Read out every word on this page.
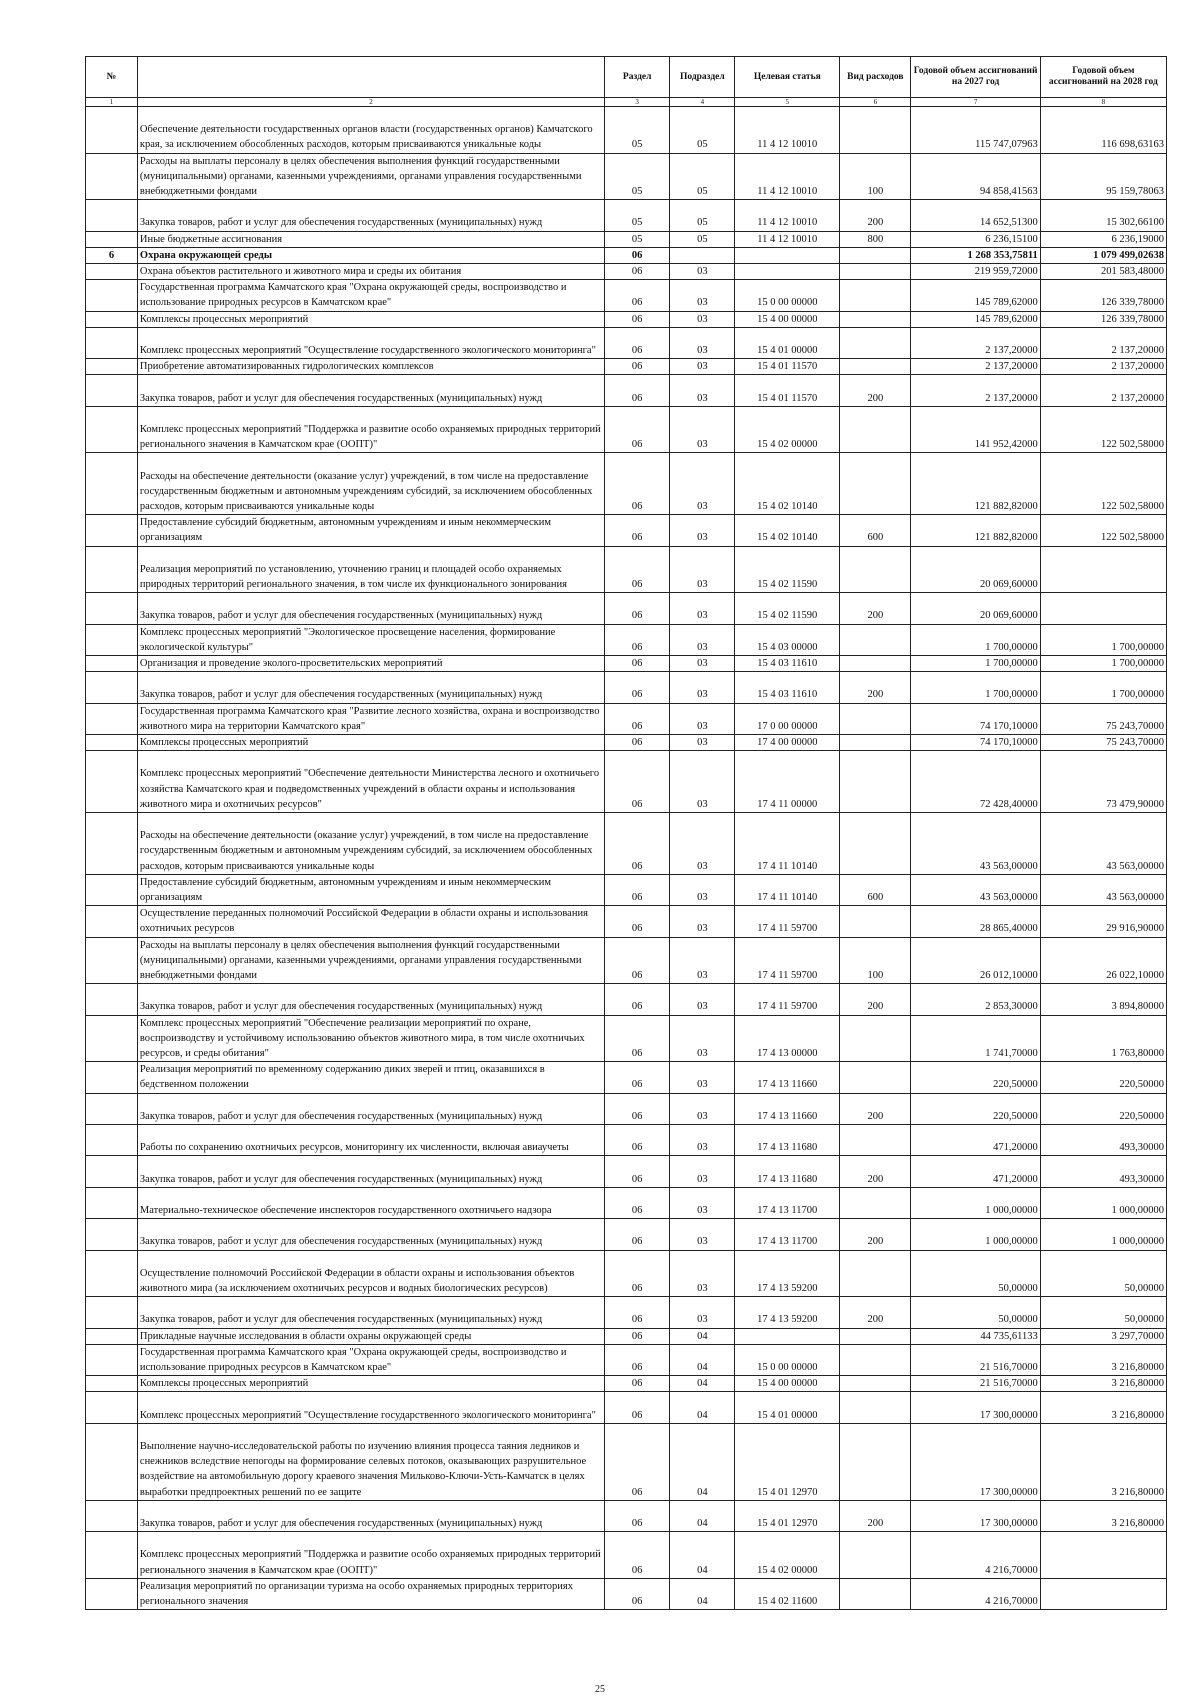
№		Раздел	Подраздел	Целевая статья	Вид расходов	Годовой объем ассигнований на 2027 год	Годовой объем ассигнований на 2028 год
1	2	3	4	5	6	7	8
	Обеспечение деятельности государственных органов власти (государственных органов) Камчатского края, за исключением обособленных расходов, которым присваиваются уникальные коды	05	05	11 4 12 10010		115 747,07963	116 698,63163
	Расходы на выплаты персоналу в целях обеспечения выполнения функций государственными (муниципальными) органами, казенными учреждениями, органами управления государственными внебюджетными фондами	05	05	11 4 12 10010	100	94 858,41563	95 159,78063
	Закупка товаров, работ и услуг для обеспечения государственных (муниципальных) нужд	05	05	11 4 12 10010	200	14 652,51300	15 302,66100
	Иные бюджетные ассигнования	05	05	11 4 12 10010	800	6 236,15100	6 236,19000
6	Охрана окружающей среды	06				1 268 353,75811	1 079 499,02638
	Охрана объектов растительного и животного мира и среды их обитания	06	03			219 959,72000	201 583,48000
	Государственная программа Камчатского края "Охрана окружающей среды, воспроизводство и использование природных ресурсов в Камчатском крае"	06	03	15 0 00 00000		145 789,62000	126 339,78000
	Комплексы процессных мероприятий	06	03	15 4 00 00000		145 789,62000	126 339,78000
	Комплекс процессных мероприятий "Осуществление государственного экологического мониторинга"	06	03	15 4 01 00000		2 137,20000	2 137,20000
	Приобретение автоматизированных гидрологических комплексов	06	03	15 4 01 11570		2 137,20000	2 137,20000
	Закупка товаров, работ и услуг для обеспечения государственных (муниципальных) нужд	06	03	15 4 01 11570	200	2 137,20000	2 137,20000
	Комплекс процессных мероприятий "Поддержка и развитие особо охраняемых природных территорий регионального значения в Камчатском крае (ООПТ)"	06	03	15 4 02 00000		141 952,42000	122 502,58000
	Расходы на обеспечение деятельности (оказание услуг) учреждений, в том числе на предоставление государственным бюджетным и автономным учреждениям субсидий, за исключением обособленных расходов, которым присваиваются уникальные коды	06	03	15 4 02 10140		121 882,82000	122 502,58000
	Предоставление субсидий бюджетным, автономным учреждениям и иным некоммерческим организациям	06	03	15 4 02 10140	600	121 882,82000	122 502,58000
	Реализация мероприятий по установлению, уточнению границ и площадей особо охраняемых природных территорий регионального значения, в том числе их функционального зонирования	06	03	15 4 02 11590		20 069,60000	
	Закупка товаров, работ и услуг для обеспечения государственных (муниципальных) нужд	06	03	15 4 02 11590	200	20 069,60000	
	Комплекс процессных мероприятий "Экологическое просвещение населения, формирование экологической культуры"	06	03	15 4 03 00000		1 700,00000	1 700,00000
	Организация и проведение эколого-просветительских мероприятий	06	03	15 4 03 11610		1 700,00000	1 700,00000
	Закупка товаров, работ и услуг для обеспечения государственных (муниципальных) нужд	06	03	15 4 03 11610	200	1 700,00000	1 700,00000
	Государственная программа Камчатского края "Развитие лесного хозяйства, охрана и воспроизводство животного мира на территории Камчатского края"	06	03	17 0 00 00000		74 170,10000	75 243,70000
	Комплексы процессных мероприятий	06	03	17 4 00 00000		74 170,10000	75 243,70000
	Комплекс процессных мероприятий "Обеспечение деятельности Министерства лесного и охотничьего хозяйства Камчатского края и подведомственных учреждений в области охраны и использования животного мира и охотничьих ресурсов"	06	03	17 4 11 00000		72 428,40000	73 479,90000
	Расходы на обеспечение деятельности (оказание услуг) учреждений, в том числе на предоставление государственным бюджетным и автономным учреждениям субсидий, за исключением обособленных расходов, которым присваиваются уникальные коды	06	03	17 4 11 10140		43 563,00000	43 563,00000
	Предоставление субсидий бюджетным, автономным учреждениям и иным некоммерческим организациям	06	03	17 4 11 10140	600	43 563,00000	43 563,00000
	Осуществление переданных полномочий Российской Федерации в области охраны и использования охотничьих ресурсов	06	03	17 4 11 59700		28 865,40000	29 916,90000
	Расходы на выплаты персоналу в целях обеспечения выполнения функций государственными (муниципальными) органами, казенными учреждениями, органами управления государственными внебюджетными фондами	06	03	17 4 11 59700	100	26 012,10000	26 022,10000
	Закупка товаров, работ и услуг для обеспечения государственных (муниципальных) нужд	06	03	17 4 11 59700	200	2 853,30000	3 894,80000
	Комплекс процессных мероприятий "Обеспечение реализации мероприятий по охране, воспроизводству и устойчивому использованию объектов животного мира, в том числе охотничьих ресурсов, и среды обитания"	06	03	17 4 13 00000		1 741,70000	1 763,80000
	Реализация мероприятий по временному содержанию диких зверей и птиц, оказавшихся в бедственном положении	06	03	17 4 13 11660		220,50000	220,50000
	Закупка товаров, работ и услуг для обеспечения государственных (муниципальных) нужд	06	03	17 4 13 11660	200	220,50000	220,50000
	Работы по сохранению охотничьих ресурсов, мониторингу их численности, включая авиаучеты	06	03	17 4 13 11680		471,20000	493,30000
	Закупка товаров, работ и услуг для обеспечения государственных (муниципальных) нужд	06	03	17 4 13 11680	200	471,20000	493,30000
	Материально-техническое обеспечение инспекторов государственного охотничьего надзора	06	03	17 4 13 11700		1 000,00000	1 000,00000
	Закупка товаров, работ и услуг для обеспечения государственных (муниципальных) нужд	06	03	17 4 13 11700	200	1 000,00000	1 000,00000
	Осуществление полномочий Российской Федерации в области охраны и использования объектов животного мира (за исключением охотничьих ресурсов и водных биологических ресурсов)	06	03	17 4 13 59200		50,00000	50,00000
	Закупка товаров, работ и услуг для обеспечения государственных (муниципальных) нужд	06	03	17 4 13 59200	200	50,00000	50,00000
	Прикладные научные исследования в области охраны окружающей среды	06	04			44 735,61133	3 297,70000
	Государственная программа Камчатского края "Охрана окружающей среды, воспроизводство и использование природных ресурсов в Камчатском крае"	06	04	15 0 00 00000		21 516,70000	3 216,80000
	Комплексы процессных мероприятий	06	04	15 4 00 00000		21 516,70000	3 216,80000
	Комплекс процессных мероприятий "Осуществление государственного экологического мониторинга"	06	04	15 4 01 00000		17 300,00000	3 216,80000
	Выполнение научно-исследовательской работы по изучению влияния процесса таяния ледников и снежников вследствие непогоды на формирование селевых потоков, оказывающих разрушительное воздействие на автомобильную дорогу краевого значения Мильково-Ключи-Усть-Камчатск в целях выработки предпроектных решений по ее защите	06	04	15 4 01 12970		17 300,00000	3 216,80000
	Закупка товаров, работ и услуг для обеспечения государственных (муниципальных) нужд	06	04	15 4 01 12970	200	17 300,00000	3 216,80000
	Комплекс процессных мероприятий "Поддержка и развитие особо охраняемых природных территорий регионального значения в Камчатском крае (ООПТ)"	06	04	15 4 02 00000		4 216,70000	
	Реализация мероприятий по организации туризма на особо охраняемых природных территориях регионального значения	06	04	15 4 02 11600		4 216,70000	
25
